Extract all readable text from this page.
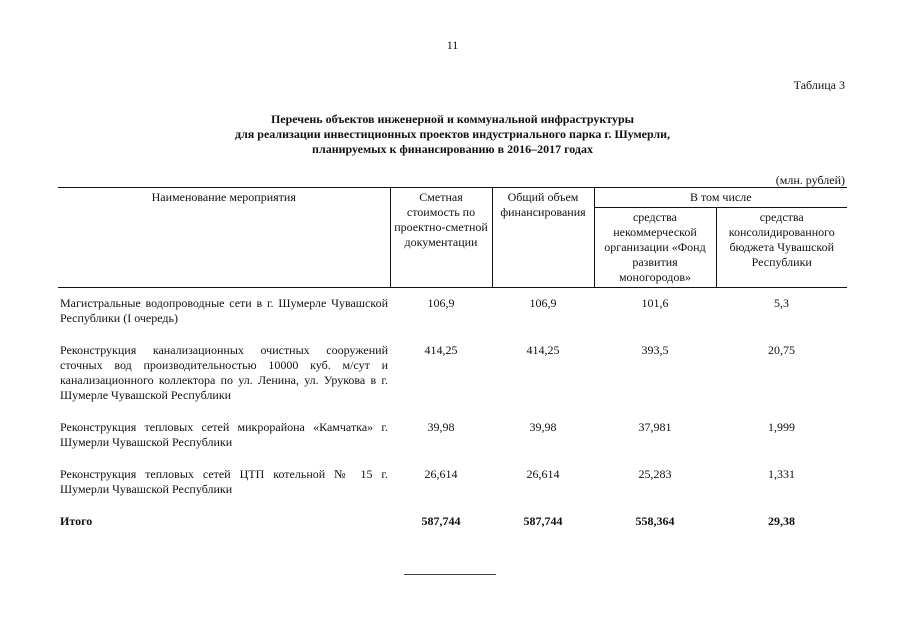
11
Таблица 3
Перечень объектов инженерной и коммунальной инфраструктуры
для реализации инвестиционных проектов индустриального парка г. Шумерли,
планируемых к финансированию в 2016–2017 годах
(млн. рублей)
Наименование мероприятия	Сметная стоимость по проектно-сметной документации	Общий объем финансирования	В том числе	
			средства некоммерческой организации «Фонд развития моногородов»	средства консолидированного бюджета Чувашской Республики

Магистральные водопроводные сети в г. Шумерле Чувашской Республики (I очередь)	106,9	106,9	101,6	5,3

Реконструкция канализационных очистных сооружений сточных вод производительностью 10000 куб. м/сут и канализационного коллектора по ул. Ленина, ул. Урукова в г. Шумерле Чувашской Республики	414,25	414,25	393,5	20,75

Реконструкция тепловых сетей микрорайона «Камчатка» г. Шумерли Чувашской Республики	39,98	39,98	37,981	1,999

Реконструкция тепловых сетей ЦТП котельной № 15 г. Шумерли Чувашской Республики	26,614	26,614	25,283	1,331

Итого	587,744	587,744	558,364	29,38
